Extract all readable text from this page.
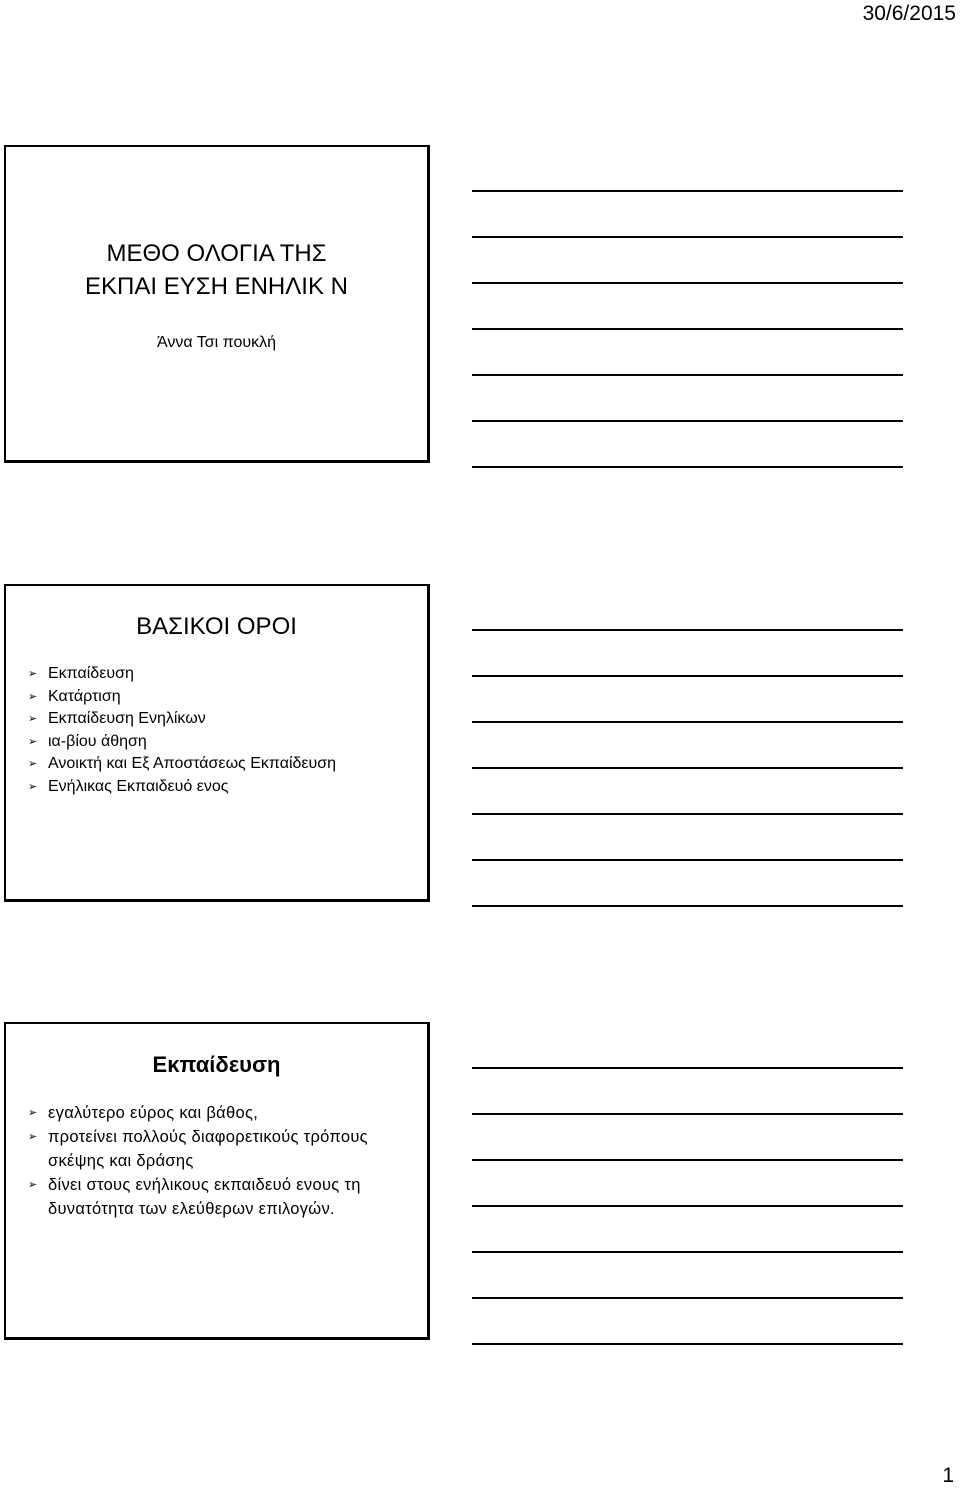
30/6/2015
ΜΕΘΟ ΟΛΟΓΙΑ ΤΗΣ
ΕΚΠΑΙ ΕΥΣΗ ΕΝΗΛΙΚ Ν
Άννα Τσι πουκλή
ΒΑΣΙΚΟΙ ΟΡΟΙ
➢ Εκπαίδευση
➢ Κατάρτιση
➢ Εκπαίδευση Ενηλίκων
➢ ια-βίου άθηση
➢ Ανοικτή και Εξ Αποστάσεως Εκπαίδευση
➢ Ενήλικας Εκπαιδευό ενος
Εκπαίδευση
➢ εγαλύτερο εύρος και βάθος,
➢ προτείνει πολλούς διαφορετικούς τρόπους σκέψης και δράσης
➢ δίνει στους ενήλικους εκπαιδευό ενους τη δυνατότητα των ελεύθερων επιλογών.
1
